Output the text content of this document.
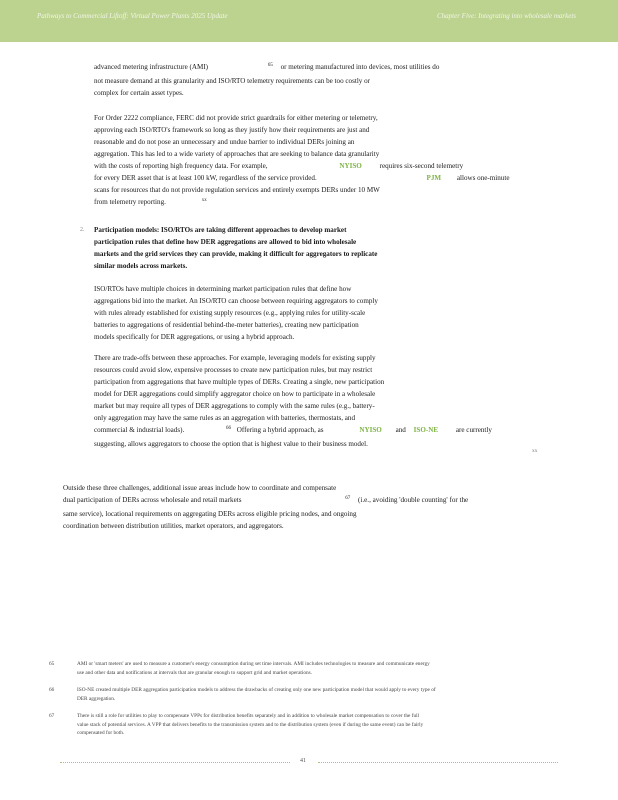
Pathways to Commercial Liftoff: Virtual Power Plants 2025 Update	Chapter Five: Integrating into wholesale markets

advanced metering infrastructure (AMI)	$^{65}$ or metering manufactured into devices, most utilities do

not measure demand at this granularity and ISO/RTO telemetry requirements can be too costly or

complex for certain asset types.

For Order 2222 compliance, FERC did not provide strict guardrails for either metering or telemetry,

approving each ISO/RTO's framework so long as they justify how their requirements are just and

reasonable and do not pose an unnecessary and undue barrier to individual DERs joining an

aggregation. This has led to a wide variety of approaches that are seeking to balance data granularity

with the costs of reporting high frequency data. For example,	NYISO	requires six-second telemetry

for every DER asset that is at least 100 kW, regardless of the service provided.	PJM allows one-minute

scans for resources that do not provide regulation services and entirely exempts DERs under 10 MW

from telemetry reporting.	$^{xx}$

2. Participation models: ISO/RTOs are taking different approaches to develop market

participation rules that define how DER aggregations are allowed to bid into wholesale

markets and the grid services they can provide, making it difficult for aggregators to replicate

similar models across markets.

ISO/RTOs have multiple choices in determining market participation rules that define how

aggregations bid into the market. An ISO/RTO can choose between requiring aggregators to comply

with rules already established for existing supply resources (e.g., applying rules for utility-scale

batteries to aggregations of residential behind-the-meter batteries), creating new participation

models specifically for DER aggregations, or using a hybrid approach.

There are trade-offs between these approaches. For example, leveraging models for existing supply

resources could avoid slow, expensive processes to create new participation rules, but may restrict

participation from aggregations that have multiple types of DERs. Creating a single, new participation

model for DER aggregations could simplify aggregator choice on how to participate in a wholesale

market but may require all types of DER aggregations to comply with the same rules (e.g., battery-

only aggregation may have the same rules as an aggregation with batteries, thermostats, and

commercial & industrial loads).	$^{66}$ Offering a hybrid approach, as	NYISO and ISO-NE	are currently

suggesting, allows aggregators to choose the option that is highest value to their business model.

xx

Outside these three challenges, additional issue areas include how to coordinate and compensate

dual participation of DERs across wholesale and retail markets	$^{67}$ (i.e., avoiding 'double counting' for the

same service), locational requirements on aggregating DERs across eligible pricing nodes, and ongoing

coordination between distribution utilities, market operators, and aggregators.

65	AMI or 'smart meters' are used to measure a customer's energy consumption during set time intervals. AMI includes technologies to measure and communicate energy
use and other data and notifications at intervals that are granular enough to support grid and market operations.
66	ISO-NE created multiple DER aggregation participation models to address the drawbacks of creating only one new participation model that would apply to every type of
DER aggregation.
67	There is still a role for utilities to play to compensate VPPs for distribution benefits separately and in addition to wholesale market compensation to cover the full
value stack of potential services. A VPP that delivers benefits to the transmission system and to the distribution system (even if during the same event) can be fairly
compensated for both.
41
